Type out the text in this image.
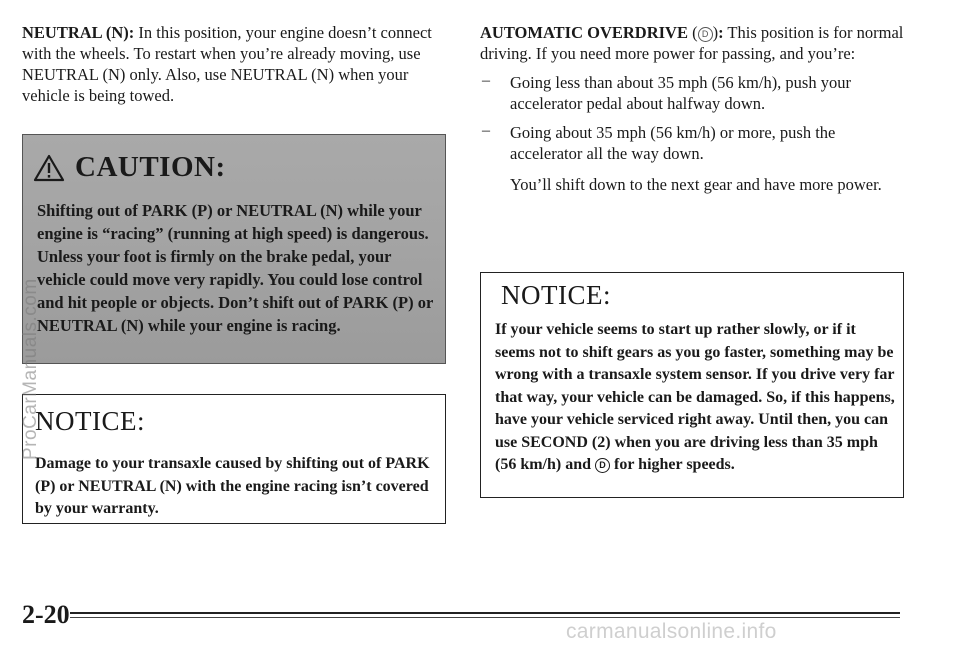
NEUTRAL (N): In this position, your engine doesn’t connect with the wheels. To restart when you’re already moving, use NEUTRAL (N) only. Also, use NEUTRAL (N) when your vehicle is being towed.

CAUTION:

Shifting out of PARK (P) or NEUTRAL (N) while your engine is “racing” (running at high speed) is dangerous. Unless your foot is firmly on the brake pedal, your vehicle could move very rapidly. You could lose control and hit people or objects. Don’t shift out of PARK (P) or NEUTRAL (N) while your engine is racing.

NOTICE:

Damage to your transaxle caused by shifting out of PARK (P) or NEUTRAL (N) with the engine racing isn’t covered by your warranty.

AUTOMATIC OVERDRIVE ( D ): This position is for normal driving. If you need more power for passing, and you’re:

–	Going less than about 35 mph (56 km/h), push your accelerator pedal about halfway down.

–	Going about 35 mph (56 km/h) or more, push the accelerator all the way down.

You’ll shift down to the next gear and have more power.

NOTICE:

If your vehicle seems to start up rather slowly, or if it seems not to shift gears as you go faster, something may be wrong with a transaxle system sensor. If you drive very far that way, your vehicle can be damaged. So, if this happens, have your vehicle serviced right away. Until then, you can use SECOND (2) when you are driving less than 35 mph (56 km/h) and D for higher speeds.

ProCarManuals.com
2-20
carmanualsonline.info
